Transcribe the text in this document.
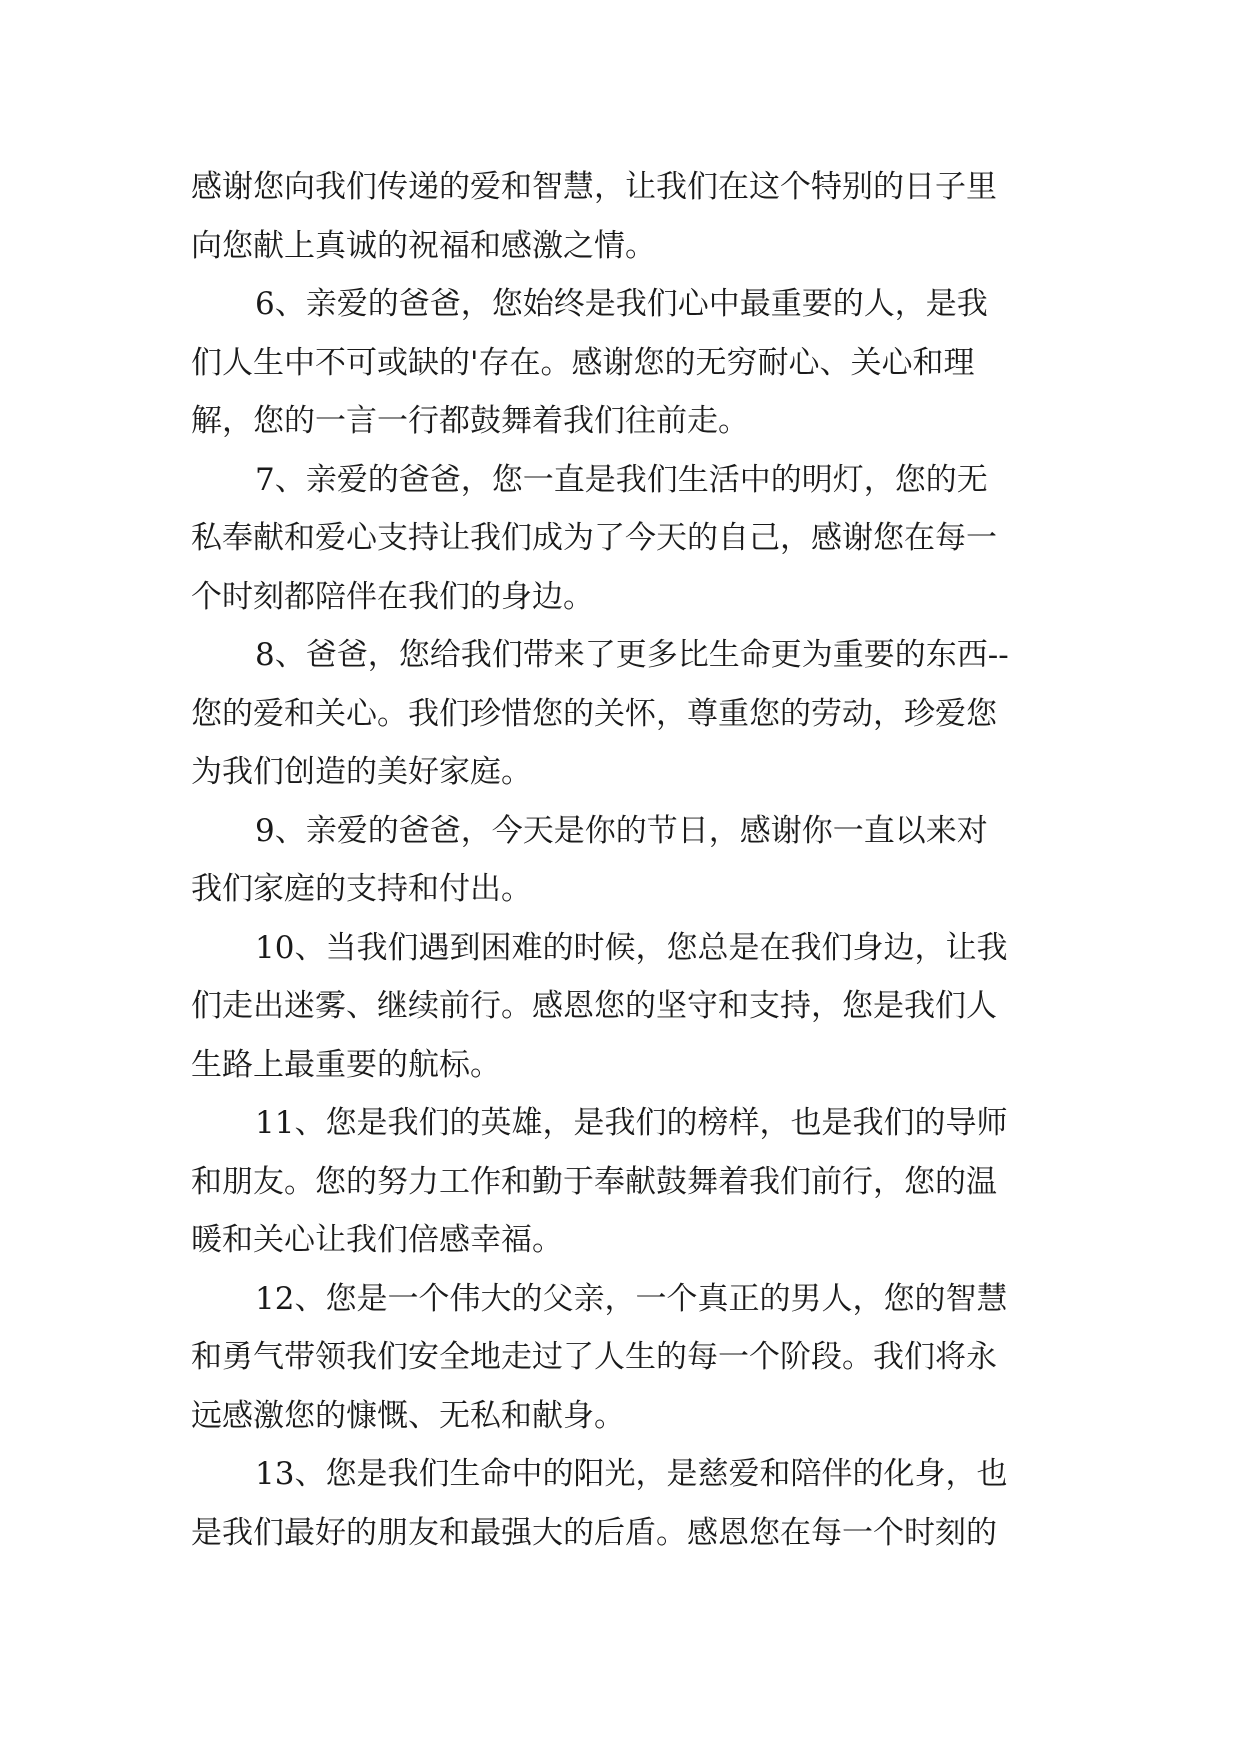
感谢您向我们传递的爱和智慧，让我们在这个特别的日子里
向您献上真诚的祝福和感激之情。
6、亲爱的爸爸，您始终是我们心中最重要的人，是我
们人生中不可或缺的'存在。感谢您的无穷耐心、关心和理
解，您的一言一行都鼓舞着我们往前走。
7、亲爱的爸爸，您一直是我们生活中的明灯，您的无
私奉献和爱心支持让我们成为了今天的自己，感谢您在每一
个时刻都陪伴在我们的身边。
8、爸爸，您给我们带来了更多比生命更为重要的东西--
您的爱和关心。我们珍惜您的关怀，尊重您的劳动，珍爱您
为我们创造的美好家庭。
9、亲爱的爸爸，今天是你的节日，感谢你一直以来对
我们家庭的支持和付出。
10、当我们遇到困难的时候，您总是在我们身边，让我
们走出迷雾、继续前行。感恩您的坚守和支持，您是我们人
生路上最重要的航标。
11、您是我们的英雄，是我们的榜样，也是我们的导师
和朋友。您的努力工作和勤于奉献鼓舞着我们前行，您的温
暖和关心让我们倍感幸福。
12、您是一个伟大的父亲，一个真正的男人，您的智慧
和勇气带领我们安全地走过了人生的每一个阶段。我们将永
远感激您的慷慨、无私和献身。
13、您是我们生命中的阳光，是慈爱和陪伴的化身，也
是我们最好的朋友和最强大的后盾。感恩您在每一个时刻的
